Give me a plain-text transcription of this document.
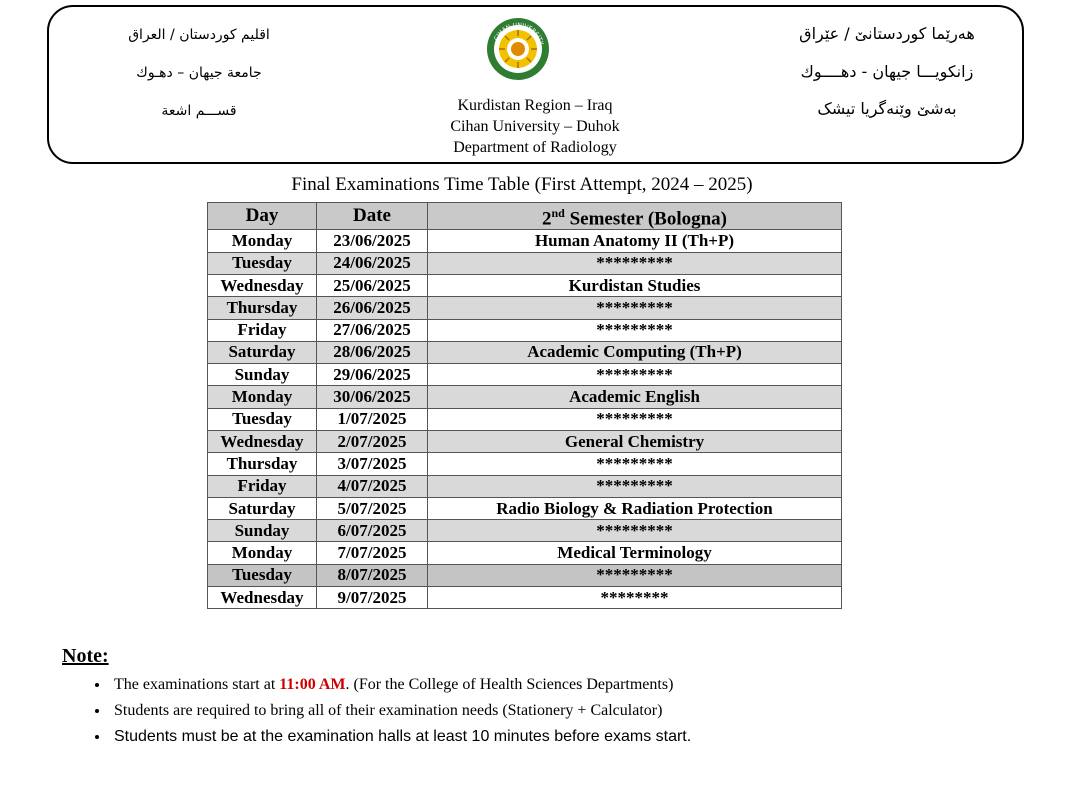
اقليم كوردستان / العراق
جامعة جيهان – دهـوك
قســـم اشعة
CIHAN UNIVERSITY
Kurdistan Region – Iraq
Cihan University – Duhok
Department of Radiology
هەرێما کوردستانێ / عێراق
زانكويـــا جيهان - دهــــوك
بەشێ وێنەگریا تیشک
Final Examinations Time Table (First Attempt, 2024 – 2025)
Day	Date	2nd Semester (Bologna)
Monday	23/06/2025	Human Anatomy II (Th+P)
Tuesday	24/06/2025	*********
Wednesday	25/06/2025	Kurdistan Studies
Thursday	26/06/2025	*********
Friday	27/06/2025	*********
Saturday	28/06/2025	Academic Computing (Th+P)
Sunday	29/06/2025	*********
Monday	30/06/2025	Academic English
Tuesday	1/07/2025	*********
Wednesday	2/07/2025	General Chemistry
Thursday	3/07/2025	*********
Friday	4/07/2025	*********
Saturday	5/07/2025	Radio Biology & Radiation Protection
Sunday	6/07/2025	*********
Monday	7/07/2025	Medical Terminology
Tuesday	8/07/2025	*********
Wednesday	9/07/2025	********
Note:
• The examinations start at 11:00 AM. (For the College of Health Sciences Departments)
• Students are required to bring all of their examination needs (Stationery + Calculator)
• Students must be at the examination halls at least 10 minutes before exams start.
